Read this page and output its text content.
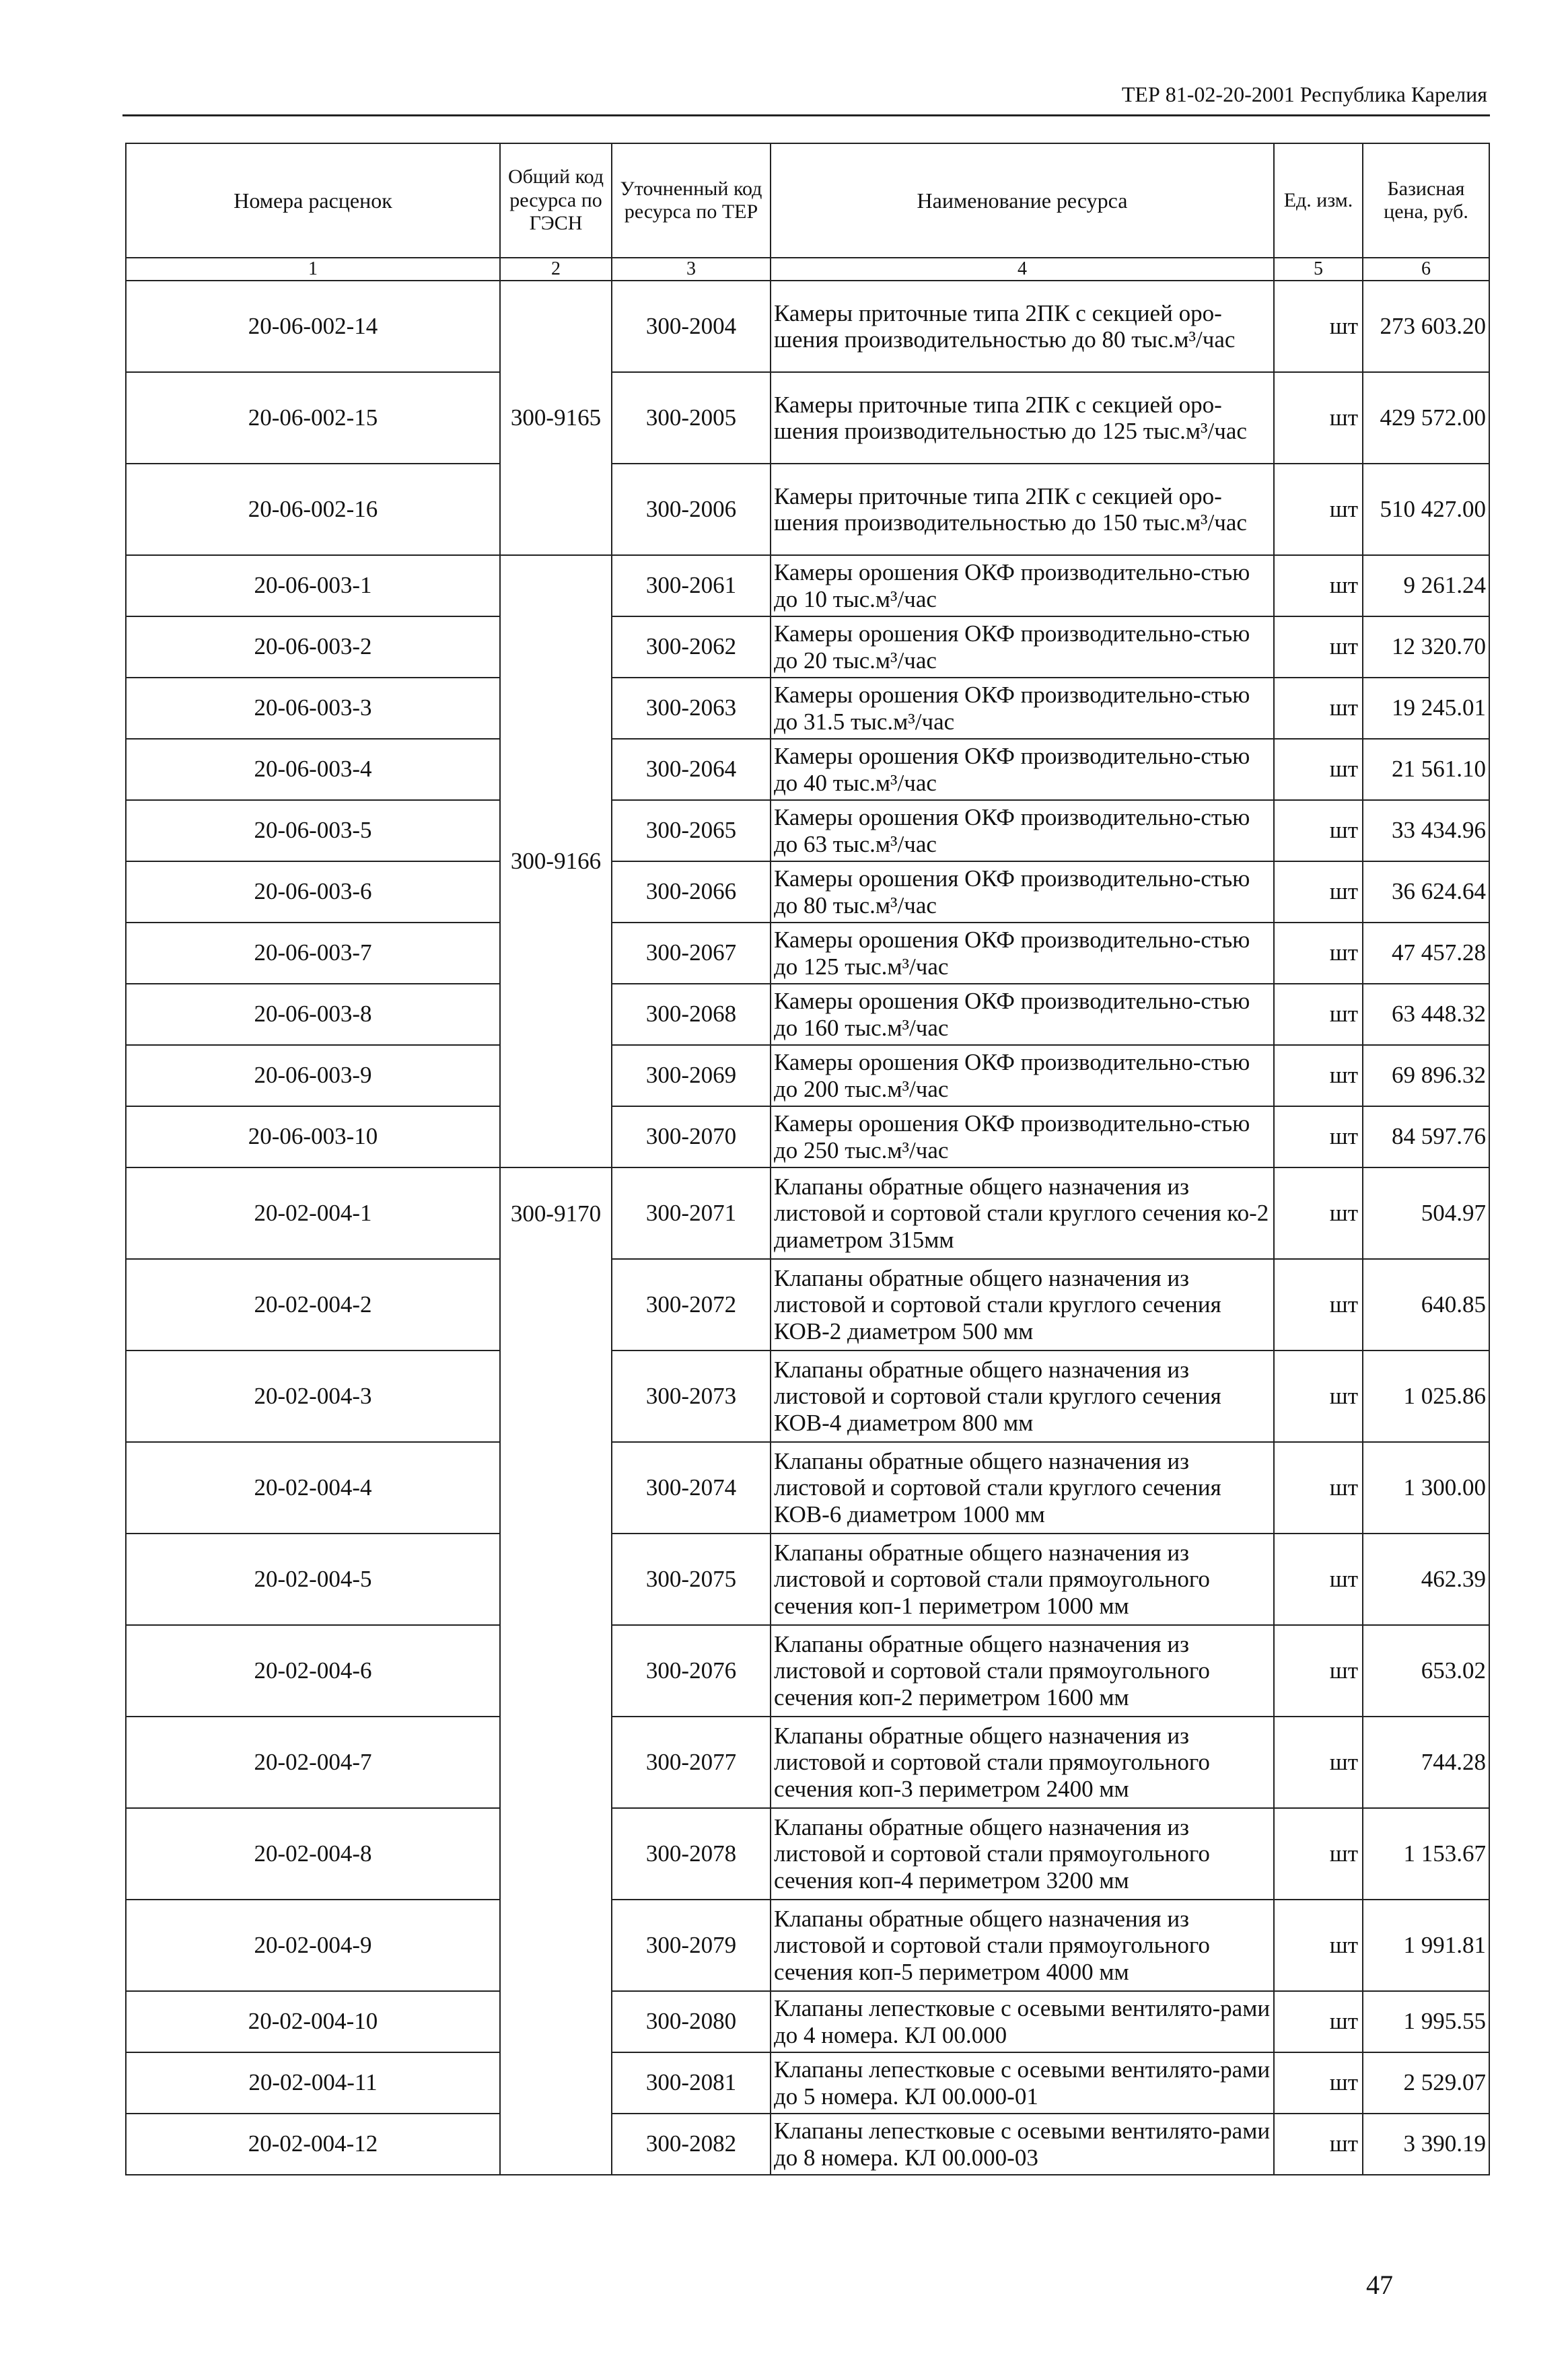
ТЕР 81-02-20-2001 Республика Карелия
Номера расценок	Общий код ресурса по ГЭСН	Уточненный код ресурса по ТЕР	Наименование ресурса	Ед. изм.	Базисная цена, руб.
1	2	3	4	5	6
20-06-002-14	300-9165	300-2004	Камеры приточные типа 2ПК с секцией оро-шения производительностью до 80 тыс.м³/час	шт	273 603.20
20-06-002-15		300-2005	Камеры приточные типа 2ПК с секцией оро-шения производительностью до 125 тыс.м³/час	шт	429 572.00
20-06-002-16		300-2006	Камеры приточные типа 2ПК с секцией оро-шения производительностью до 150 тыс.м³/час	шт	510 427.00
20-06-003-1	300-9166	300-2061	Камеры орошения ОКФ производительно-стью до 10 тыс.м³/час	шт	9 261.24
20-06-003-2		300-2062	Камеры орошения ОКФ производительно-стью до 20 тыс.м³/час	шт	12 320.70
20-06-003-3		300-2063	Камеры орошения ОКФ производительно-стью до 31.5 тыс.м³/час	шт	19 245.01
20-06-003-4		300-2064	Камеры орошения ОКФ производительно-стью до 40 тыс.м³/час	шт	21 561.10
20-06-003-5		300-2065	Камеры орошения ОКФ производительно-стью до 63 тыс.м³/час	шт	33 434.96
20-06-003-6		300-2066	Камеры орошения ОКФ производительно-стью до 80 тыс.м³/час	шт	36 624.64
20-06-003-7		300-2067	Камеры орошения ОКФ производительно-стью до 125 тыс.м³/час	шт	47 457.28
20-06-003-8		300-2068	Камеры орошения ОКФ производительно-стью до 160 тыс.м³/час	шт	63 448.32
20-06-003-9		300-2069	Камеры орошения ОКФ производительно-стью до 200 тыс.м³/час	шт	69 896.32
20-06-003-10		300-2070	Камеры орошения ОКФ производительно-стью до 250 тыс.м³/час	шт	84 597.76
20-02-004-1	300-9170	300-2071	Клапаны обратные общего назначения из листовой и сортовой стали круглого сечения ко-2 диаметром 315мм	шт	504.97
20-02-004-2		300-2072	Клапаны обратные общего назначения из листовой и сортовой стали круглого сечения КОВ-2 диаметром 500 мм	шт	640.85
20-02-004-3		300-2073	Клапаны обратные общего назначения из листовой и сортовой стали круглого сечения КОВ-4 диаметром 800 мм	шт	1 025.86
20-02-004-4		300-2074	Клапаны обратные общего назначения из листовой и сортовой стали круглого сечения КОВ-6 диаметром 1000 мм	шт	1 300.00
20-02-004-5		300-2075	Клапаны обратные общего назначения из листовой и сортовой стали прямоугольного сечения коп-1 периметром 1000 мм	шт	462.39
20-02-004-6		300-2076	Клапаны обратные общего назначения из листовой и сортовой стали прямоугольного сечения коп-2 периметром 1600 мм	шт	653.02
20-02-004-7		300-2077	Клапаны обратные общего назначения из листовой и сортовой стали прямоугольного сечения коп-3 периметром 2400 мм	шт	744.28
20-02-004-8		300-2078	Клапаны обратные общего назначения из листовой и сортовой стали прямоугольного сечения коп-4 периметром 3200 мм	шт	1 153.67
20-02-004-9		300-2079	Клапаны обратные общего назначения из листовой и сортовой стали прямоугольного сечения коп-5 периметром 4000 мм	шт	1 991.81
20-02-004-10		300-2080	Клапаны лепестковые с осевыми вентилято-рами до 4 номера. КЛ 00.000	шт	1 995.55
20-02-004-11		300-2081	Клапаны лепестковые с осевыми вентилято-рами до 5 номера. КЛ 00.000-01	шт	2 529.07
20-02-004-12		300-2082	Клапаны лепестковые с осевыми вентилято-рами до 8 номера. КЛ 00.000-03	шт	3 390.19
47
